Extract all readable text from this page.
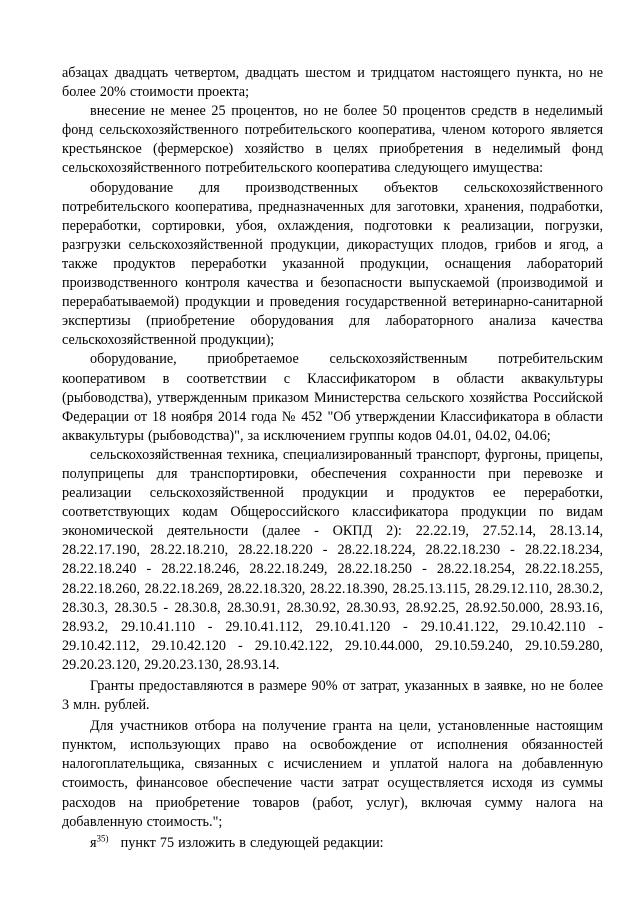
абзацах двадцать четвертом, двадцать шестом и тридцатом настоящего пункта, но не более 20% стоимости проекта;

внесение не менее 25 процентов, но не более 50 процентов средств в неделимый фонд сельскохозяйственного потребительского кооператива, членом которого является крестьянское (фермерское) хозяйство в целях приобретения в неделимый фонд сельскохозяйственного потребительского кооператива следующего имущества:

оборудование для производственных объектов сельскохозяйственного потребительского кооператива, предназначенных для заготовки, хранения, подработки, переработки, сортировки, убоя, охлаждения, подготовки к реализации, погрузки, разгрузки сельскохозяйственной продукции, дикорастущих плодов, грибов и ягод, а также продуктов переработки указанной продукции, оснащения лабораторий производственного контроля качества и безопасности выпускаемой (производимой и перерабатываемой) продукции и проведения государственной ветеринарно-санитарной экспертизы (приобретение оборудования для лабораторного анализа качества сельскохозяйственной продукции);

оборудование, приобретаемое сельскохозяйственным потребительским кооперативом в соответствии с Классификатором в области аквакультуры (рыбоводства), утвержденным приказом Министерства сельского хозяйства Российской Федерации от 18 ноября 2014 года № 452 "Об утверждении Классификатора в области аквакультуры (рыбоводства)", за исключением группы кодов 04.01, 04.02, 04.06;

сельскохозяйственная техника, специализированный транспорт, фургоны, прицепы, полуприцепы для транспортировки, обеспечения сохранности при перевозке и реализации сельскохозяйственной продукции и продуктов ее переработки, соответствующих кодам Общероссийского классификатора продукции по видам экономической деятельности (далее - ОКПД 2): 22.22.19, 27.52.14, 28.13.14, 28.22.17.190, 28.22.18.210, 28.22.18.220 - 28.22.18.224, 28.22.18.230 - 28.22.18.234, 28.22.18.240 - 28.22.18.246, 28.22.18.249, 28.22.18.250 - 28.22.18.254, 28.22.18.255, 28.22.18.260, 28.22.18.269, 28.22.18.320, 28.22.18.390, 28.25.13.115, 28.29.12.110, 28.30.2, 28.30.3, 28.30.5 - 28.30.8, 28.30.91, 28.30.92, 28.30.93, 28.92.25, 28.92.50.000, 28.93.16, 28.93.2, 29.10.41.110 - 29.10.41.112, 29.10.41.120 - 29.10.41.122, 29.10.42.110 - 29.10.42.112, 29.10.42.120 - 29.10.42.122, 29.10.44.000, 29.10.59.240, 29.10.59.280, 29.20.23.120, 29.20.23.130, 28.93.14.

Гранты предоставляются в размере 90% от затрат, указанных в заявке, но не более 3 млн. рублей.

Для участников отбора на получение гранта на цели, установленные настоящим пунктом, использующих право на освобождение от исполнения обязанностей налогоплательщика, связанных с исчислением и уплатой налога на добавленную стоимость, финансовое обеспечение части затрат осуществляется исходя из суммы расходов на приобретение товаров (работ, услуг), включая сумму налога на добавленную стоимость.";

$я^{35)}$   пункт 75 изложить в следующей редакции:
